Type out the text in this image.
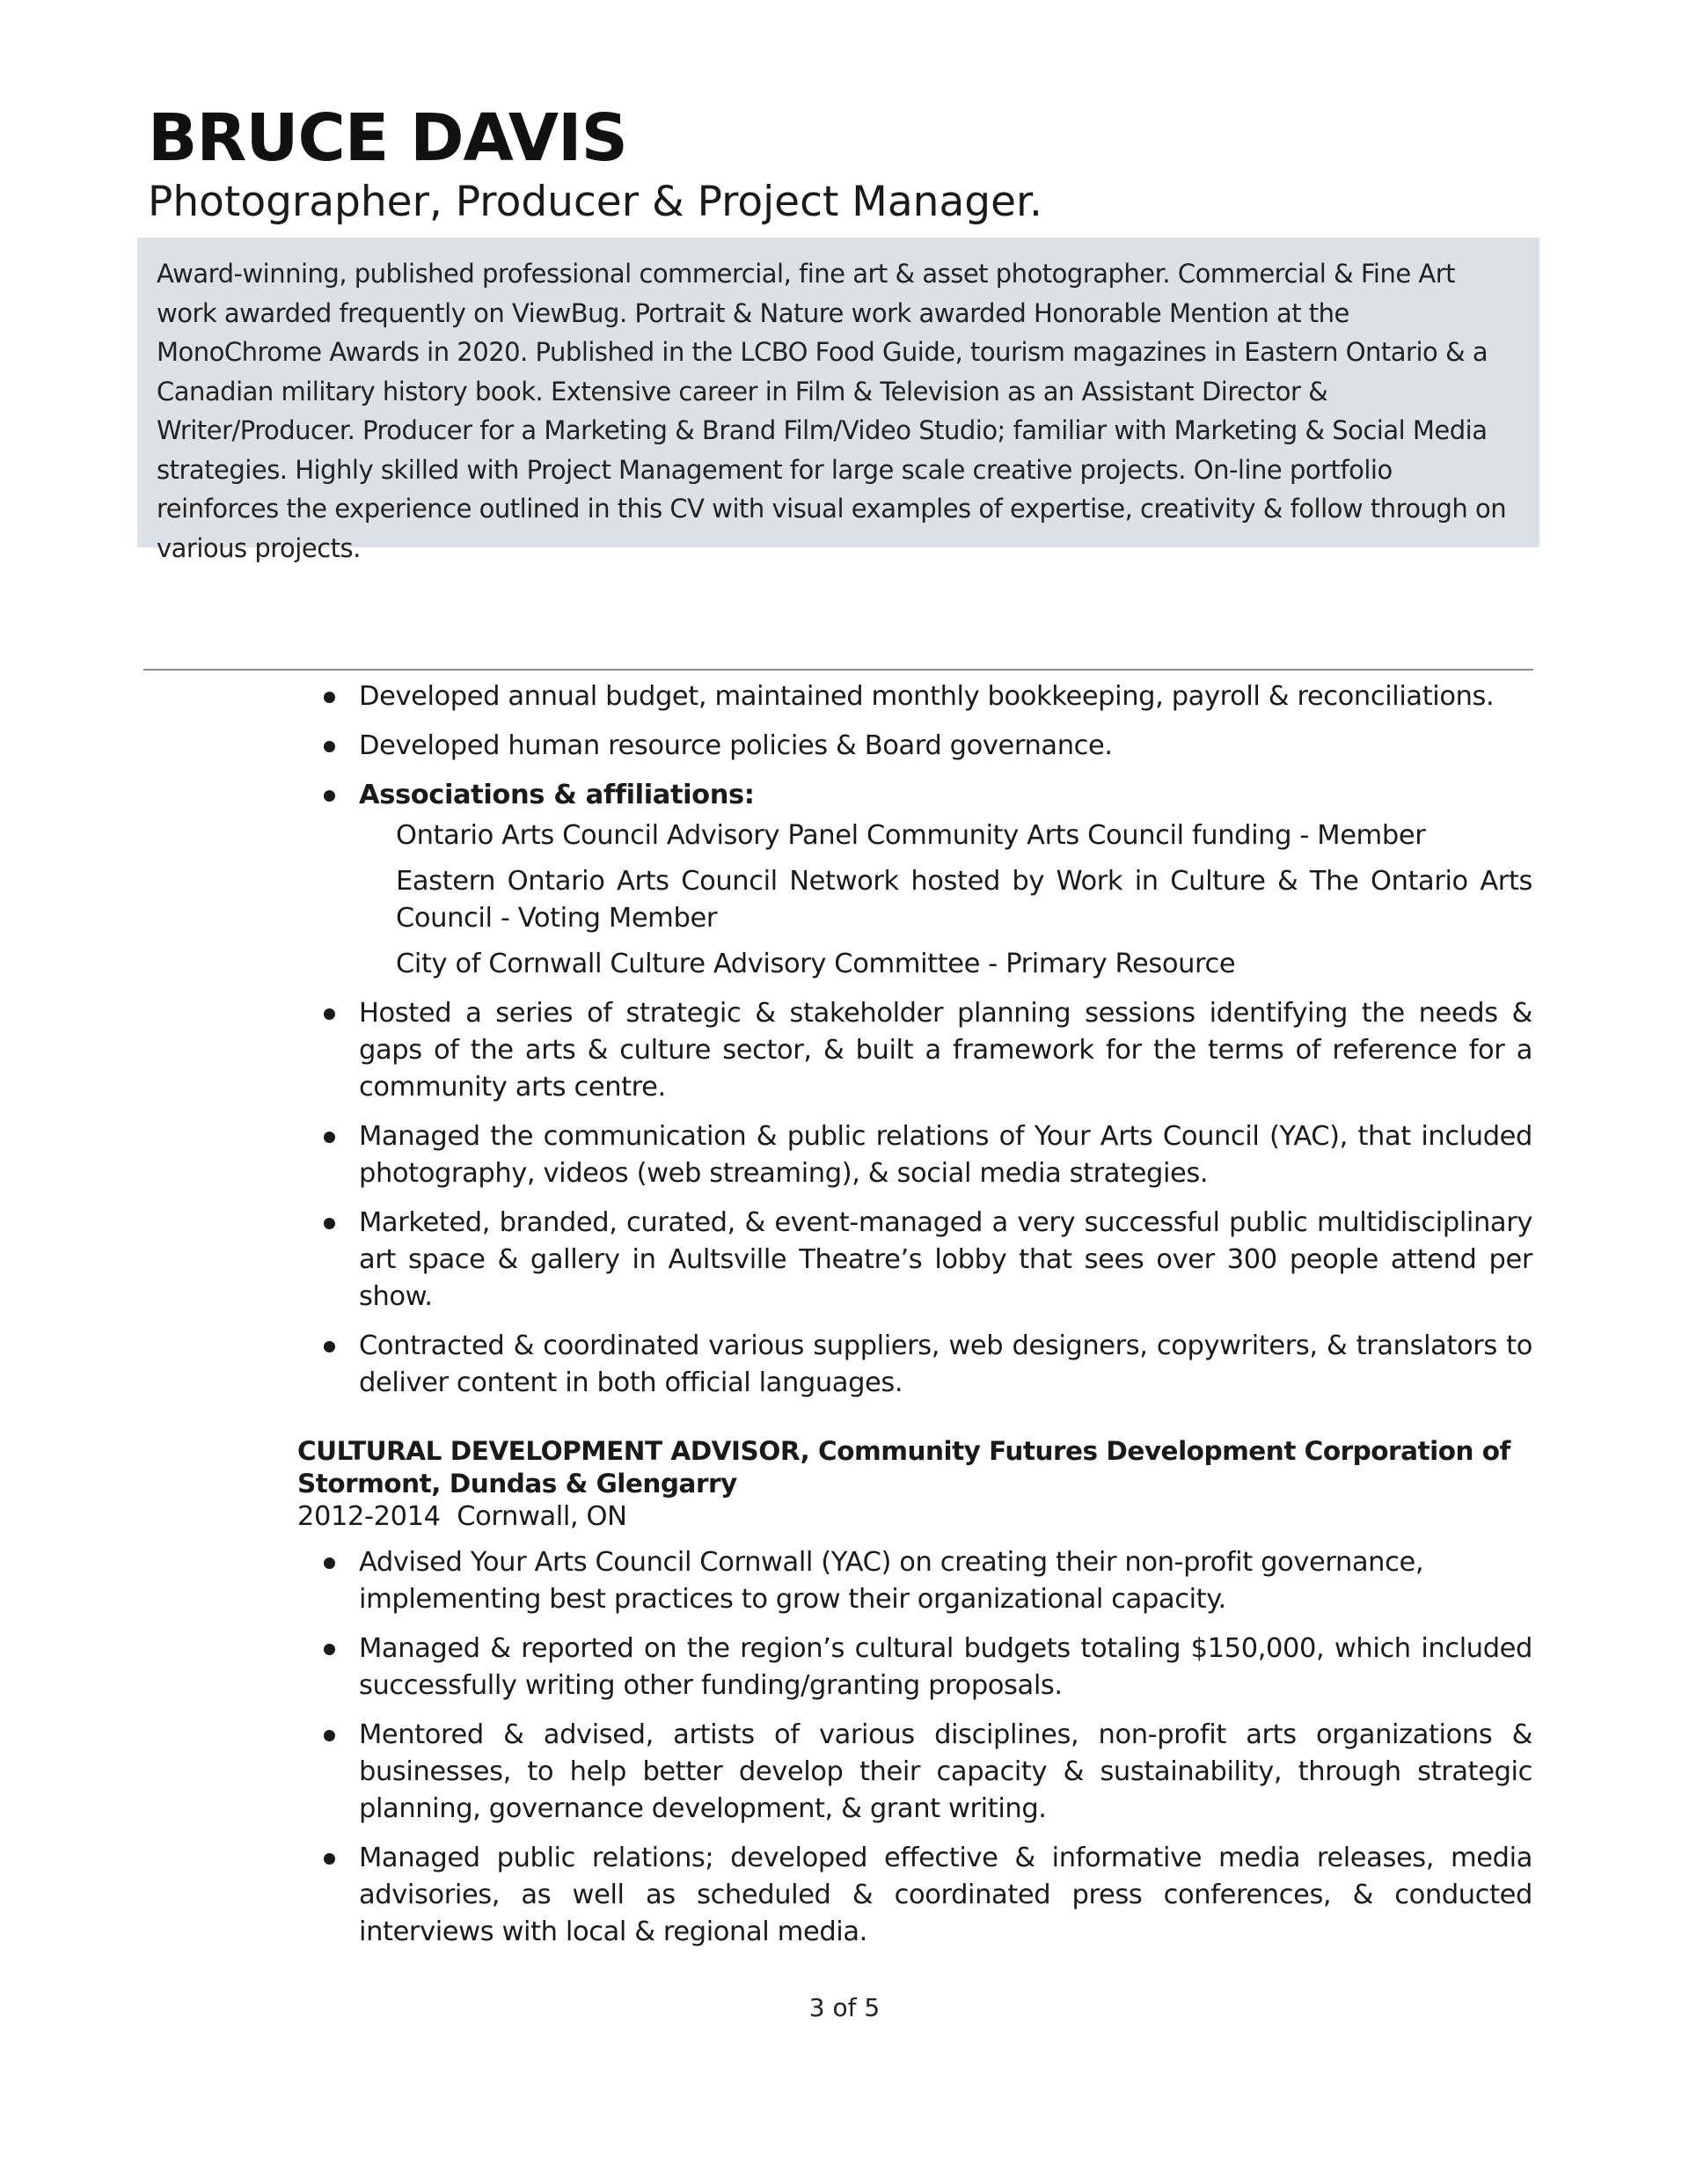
BRUCE DAVIS
Photographer, Producer & Project Manager.
Award-winning, published professional commercial, fine art & asset photographer. Commercial & Fine Art work awarded frequently on ViewBug. Portrait & Nature work awarded Honorable Mention at the MonoChrome Awards in 2020. Published in the LCBO Food Guide, tourism magazines in Eastern Ontario & a Canadian military history book. Extensive career in Film & Television as an Assistant Director & Writer/Producer. Producer for a Marketing & Brand Film/Video Studio; familiar with Marketing & Social Media strategies. Highly skilled with Project Management for large scale creative projects. On-line portfolio reinforces the experience outlined in this CV with visual examples of expertise, creativity & follow through on various projects.
Developed annual budget, maintained monthly bookkeeping, payroll & reconciliations.
Developed human resource policies & Board governance.
Associations & affiliations:
Ontario Arts Council Advisory Panel Community Arts Council funding - Member
Eastern Ontario Arts Council Network hosted by Work in Culture & The Ontario Arts Council - Voting Member
City of Cornwall Culture Advisory Committee - Primary Resource
Hosted a series of strategic & stakeholder planning sessions identifying the needs & gaps of the arts & culture sector, & built a framework for the terms of reference for a community arts centre.
Managed the communication & public relations of Your Arts Council (YAC), that included photography, videos (web streaming), & social media strategies.
Marketed, branded, curated, & event-managed a very successful public multidisciplinary art space & gallery in Aultsville Theatre’s lobby that sees over 300 people attend per show.
Contracted & coordinated various suppliers, web designers, copywriters, & translators to deliver content in both official languages.
CULTURAL DEVELOPMENT ADVISOR, Community Futures Development Corporation of Stormont, Dundas & Glengarry
2012-2014 Cornwall, ON
Advised Your Arts Council Cornwall (YAC) on creating their non-profit governance, implementing best practices to grow their organizational capacity.
Managed & reported on the region’s cultural budgets totaling $150,000, which included successfully writing other funding/granting proposals.
Mentored & advised, artists of various disciplines, non-profit arts organizations & businesses, to help better develop their capacity & sustainability, through strategic planning, governance development, & grant writing.
Managed public relations; developed effective & informative media releases, media advisories, as well as scheduled & coordinated press conferences, & conducted interviews with local & regional media.
3 of 5
